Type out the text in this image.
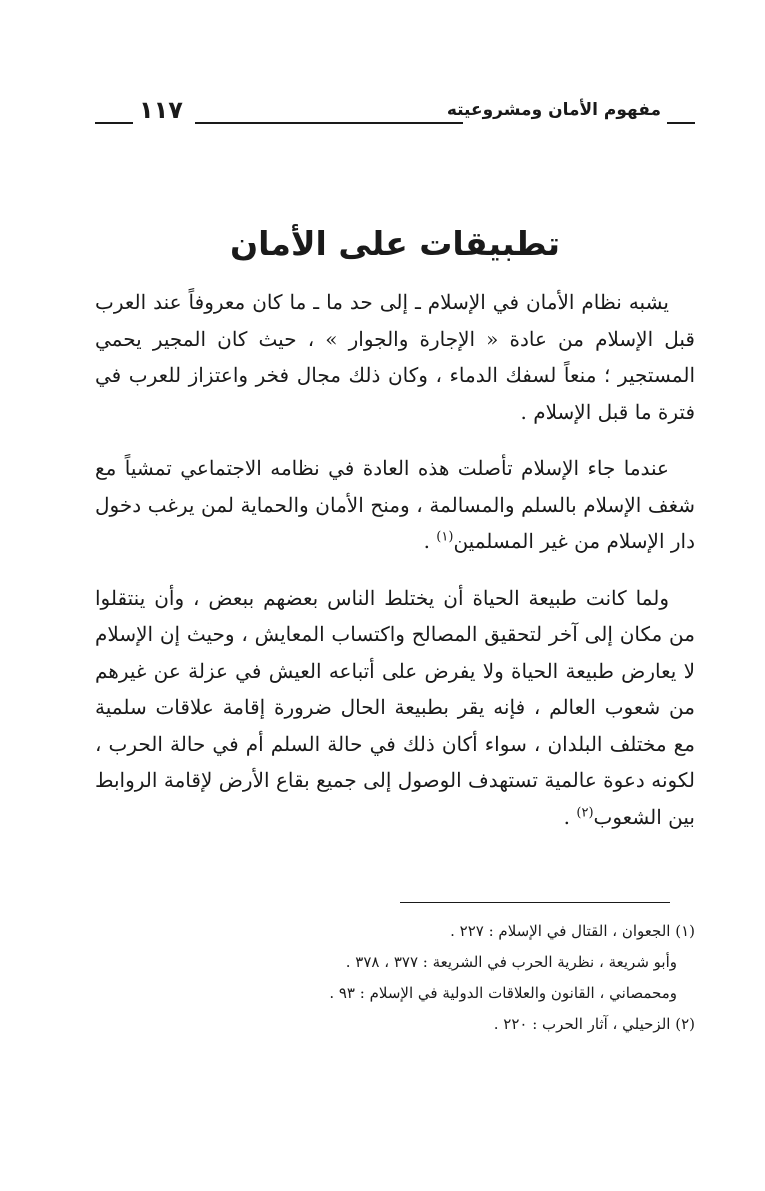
مفهوم الأمان ومشروعيته
١١٧
تطبيقات على الأمان

يشبه نظام الأمان في الإسلام ـ إلى حد ما ـ ما كان معروفاً عند العرب قبل الإسلام من عادة « الإجارة والجوار » ، حيث كان المجير يحمي المستجير ؛ منعاً لسفك الدماء ، وكان ذلك مجال فخر واعتزاز للعرب في فترة ما قبل الإسلام .

عندما جاء الإسلام تأصلت هذه العادة في نظامه الاجتماعي تمشياً مع شغف الإسلام بالسلم والمسالمة ، ومنح الأمان والحماية لمن يرغب دخول دار الإسلام من غير المسلمين$^{(١)}$ .

ولما كانت طبيعة الحياة أن يختلط الناس بعضهم ببعض ، وأن ينتقلوا من مكان إلى آخر لتحقيق المصالح واكتساب المعايش ، وحيث إن الإسلام لا يعارض طبيعة الحياة ولا يفرض على أتباعه العيش في عزلة عن غيرهم من شعوب العالم ، فإنه يقر بطبيعة الحال ضرورة إقامة علاقات سلمية مع مختلف البلدان ، سواء أكان ذلك في حالة السلم أم في حالة الحرب ، لكونه دعوة عالمية تستهدف الوصول إلى جميع بقاع الأرض لإقامة الروابط بين الشعوب$^{(٢)}$ .

(١) الجعوان ، القتال في الإسلام : ٢٢٧ .
وأبو شريعة ، نظرية الحرب في الشريعة : ٣٧٧ ، ٣٧٨ .
ومحمصاني ، القانون والعلاقات الدولية في الإسلام : ٩٣ .
(٢) الزحيلي ، آثار الحرب : ٢٢٠ .
